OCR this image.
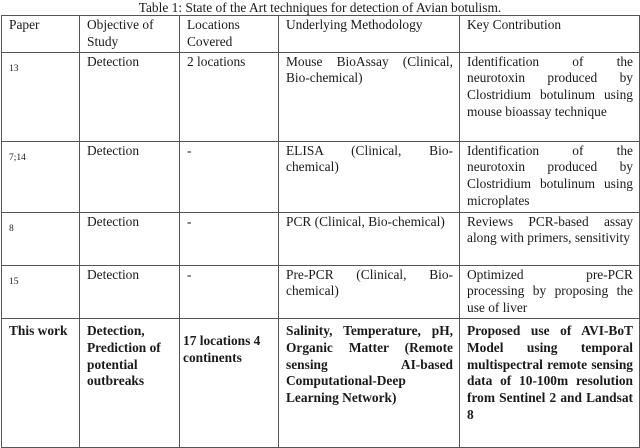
Table 1: State of the Art techniques for detection of Avian botulism.
Paper	Objective of Study	Locations Covered	Underlying Methodology	Key Contribution

13	Detection	2 locations	Mouse BioAssay (Clinical, Bio-chemical)	Identification of the neurotoxin produced by Clostridium botulinum using mouse bioassay technique

7;14	Detection	-	ELISA (Clinical, Bio-chemical)	Identification of the neurotoxin produced by Clostridium botulinum using microplates

8	Detection	-	PCR (Clinical, Bio-chemical)	Reviews PCR-based assay along with primers, sensitivity

15	Detection	-	Pre-PCR (Clinical, Bio-chemical)	Optimized pre-PCR processing by proposing the use of liver
This work	Detection, Prediction of potential outbreaks	17 locations 4 continents	Salinity, Temperature, pH, Organic Matter (Remote sensing AI-based Computational-Deep Learning Network)	Proposed use of AVI-BoT Model using temporal multispectral remote sensing data of 10-100m resolution from Sentinel 2 and Landsat 8
